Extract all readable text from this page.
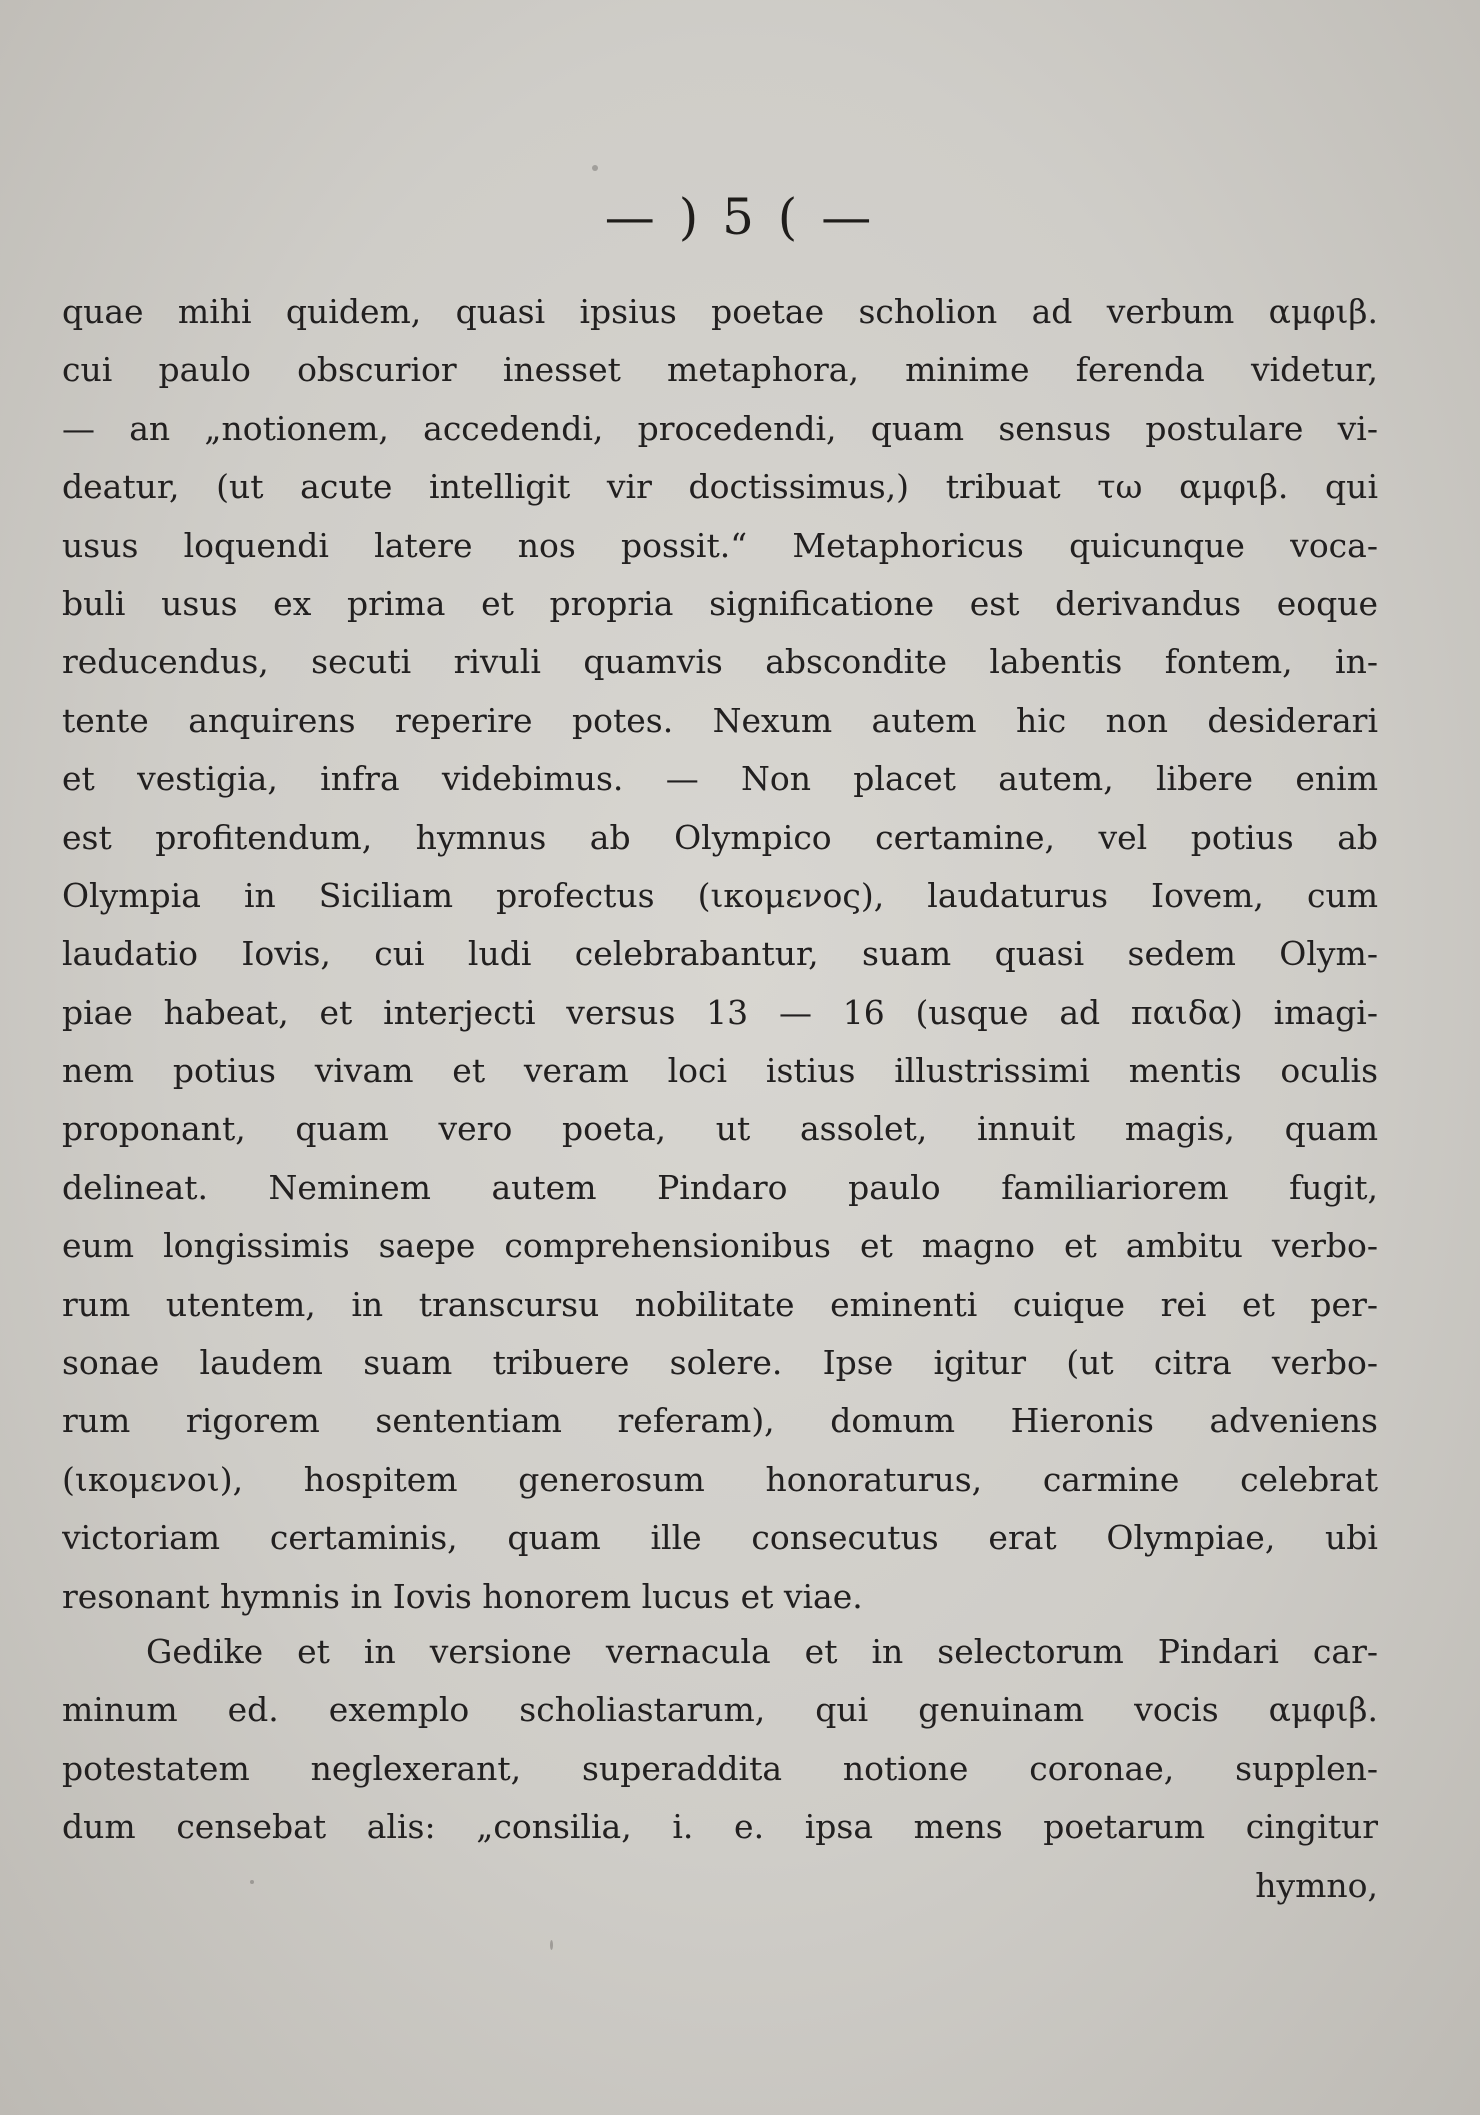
— ) 5 ( —
quae mihi quidem, quasi ipsius poetae scholion ad verbum αμφιβ.
cui paulo obscurior inesset metaphora, minime ferenda videtur,
— an „notionem, accedendi, procedendi, quam sensus postulare vi-
deatur, (ut acute intelligit vir doctissimus,) tribuat τω αμφιβ. qui
usus loquendi latere nos possit.“ Metaphoricus quicunque voca-
buli usus ex prima et propria significatione est derivandus eoque
reducendus, secuti rivuli quamvis abscondite labentis fontem, in-
tente anquirens reperire potes. Nexum autem hic non desiderari
et vestigia, infra videbimus. — Non placet autem, libere enim
est profitendum, hymnus ab Olympico certamine, vel potius ab
Olympia in Siciliam profectus (ικομενος), laudaturus Iovem, cum
laudatio Iovis, cui ludi celebrabantur, suam quasi sedem Olym-
piae habeat, et interjecti versus 13 — 16 (usque ad παιδα) imagi-
nem potius vivam et veram loci istius illustrissimi mentis oculis
proponant, quam vero poeta, ut assolet, innuit magis, quam
delineat. Neminem autem Pindaro paulo familiariorem fugit,
eum longissimis saepe comprehensionibus et magno et ambitu verbo-
rum utentem, in transcursu nobilitate eminenti cuique rei et per-
sonae laudem suam tribuere solere. Ipse igitur (ut citra verbo-
rum rigorem sententiam referam), domum Hieronis adveniens
(ικομενοι), hospitem generosum honoraturus, carmine celebrat
victoriam certaminis, quam ille consecutus erat Olympiae, ubi
resonant hymnis in Iovis honorem lucus et viae.
Gedike et in versione vernacula et in selectorum Pindari car-
minum ed. exemplo scholiastarum, qui genuinam vocis αμφιβ.
potestatem neglexerant, superaddita notione coronae, supplen-
dum censebat alis: „consilia, i. e. ipsa mens poetarum cingitur
hymno,
